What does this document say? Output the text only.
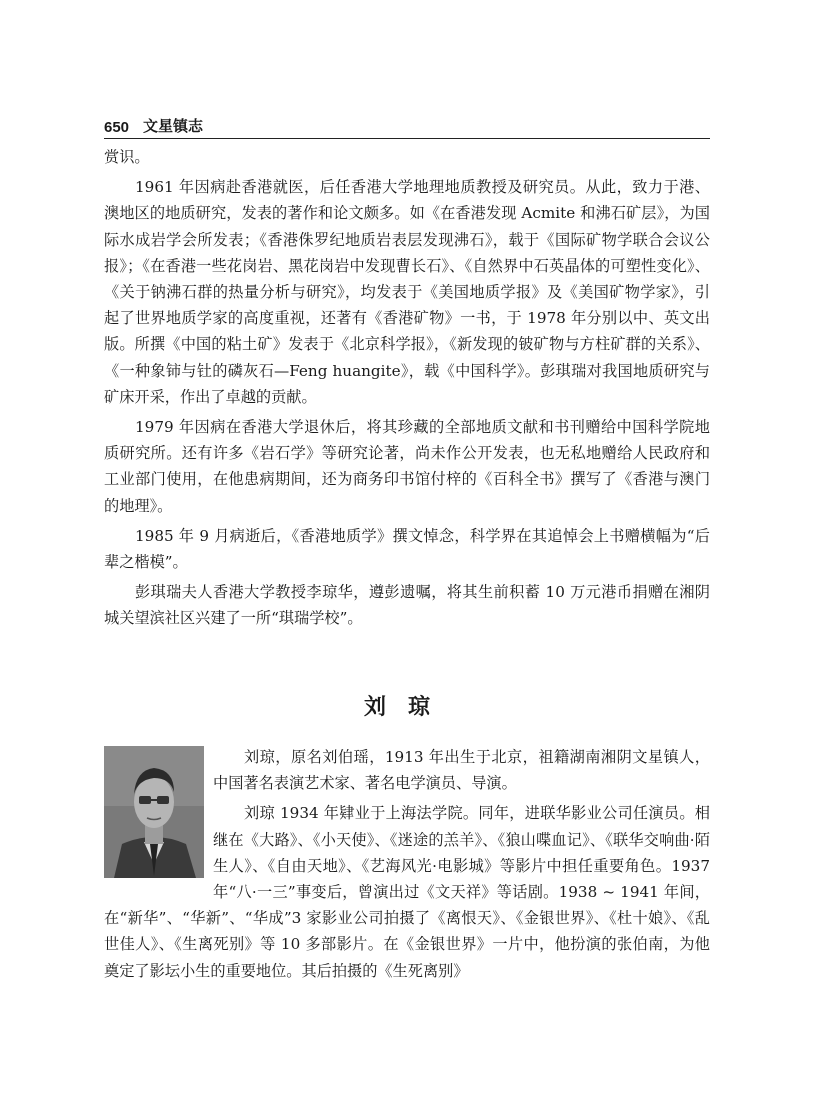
650 文星镇志

赏识。

1961 年因病赴香港就医，后任香港大学地理地质教授及研究员。从此，致力于港、澳地区的地质研究，发表的著作和论文颇多。如《在香港发现 Acmite 和沸石矿层》，为国际水成岩学会所发表；《香港侏罗纪地质岩表层发现沸石》，载于《国际矿物学联合会议公报》；《在香港一些花岗岩、黑花岗岩中发现曹长石》、《自然界中石英晶体的可塑性变化》、《关于钠沸石群的热量分析与研究》，均发表于《美国地质学报》及《美国矿物学家》，引起了世界地质学家的高度重视，还著有《香港矿物》一书，于 1978 年分别以中、英文出版。所撰《中国的粘土矿》发表于《北京科学报》，《新发现的铍矿物与方柱矿群的关系》、《一种象铈与钍的磷灰石—Feng huangite》，载《中国科学》。彭琪瑞对我国地质研究与矿床开采，作出了卓越的贡献。

1979 年因病在香港大学退休后，将其珍藏的全部地质文献和书刊赠给中国科学院地质研究所。还有许多《岩石学》等研究论著，尚未作公开发表，也无私地赠给人民政府和工业部门使用，在他患病期间，还为商务印书馆付梓的《百科全书》撰写了《香港与澳门的地理》。

1985 年 9 月病逝后，《香港地质学》撰文悼念，科学界在其追悼会上书赠横幅为“后辈之楷模”。

彭琪瑞夫人香港大学教授李琼华，遵彭遗嘱，将其生前积蓄 10 万元港币捐赠在湘阴城关望滨社区兴建了一所“琪瑞学校”。

刘琼

刘琼，原名刘伯瑶，1913 年出生于北京，祖籍湖南湘阴文星镇人，中国著名表演艺术家、著名电学演员、导演。

刘琼 1934 年肄业于上海法学院。同年，进联华影业公司任演员。相继在《大路》、《小天使》、《迷途的羔羊》、《狼山喋血记》、《联华交响曲·陌生人》、《自由天地》、《艺海风光·电影城》等影片中担任重要角色。1937 年“八·一三”事变后，曾演出过《文天祥》等话剧。1938 ~ 1941 年间，在“新华”、“华新”、“华成”3 家影业公司拍摄了《离恨天》、《金银世界》、《杜十娘》、《乱世佳人》、《生离死别》等 10 多部影片。在《金银世界》一片中，他扮演的张伯南，为他奠定了影坛小生的重要地位。其后拍摄的《生死离别》
